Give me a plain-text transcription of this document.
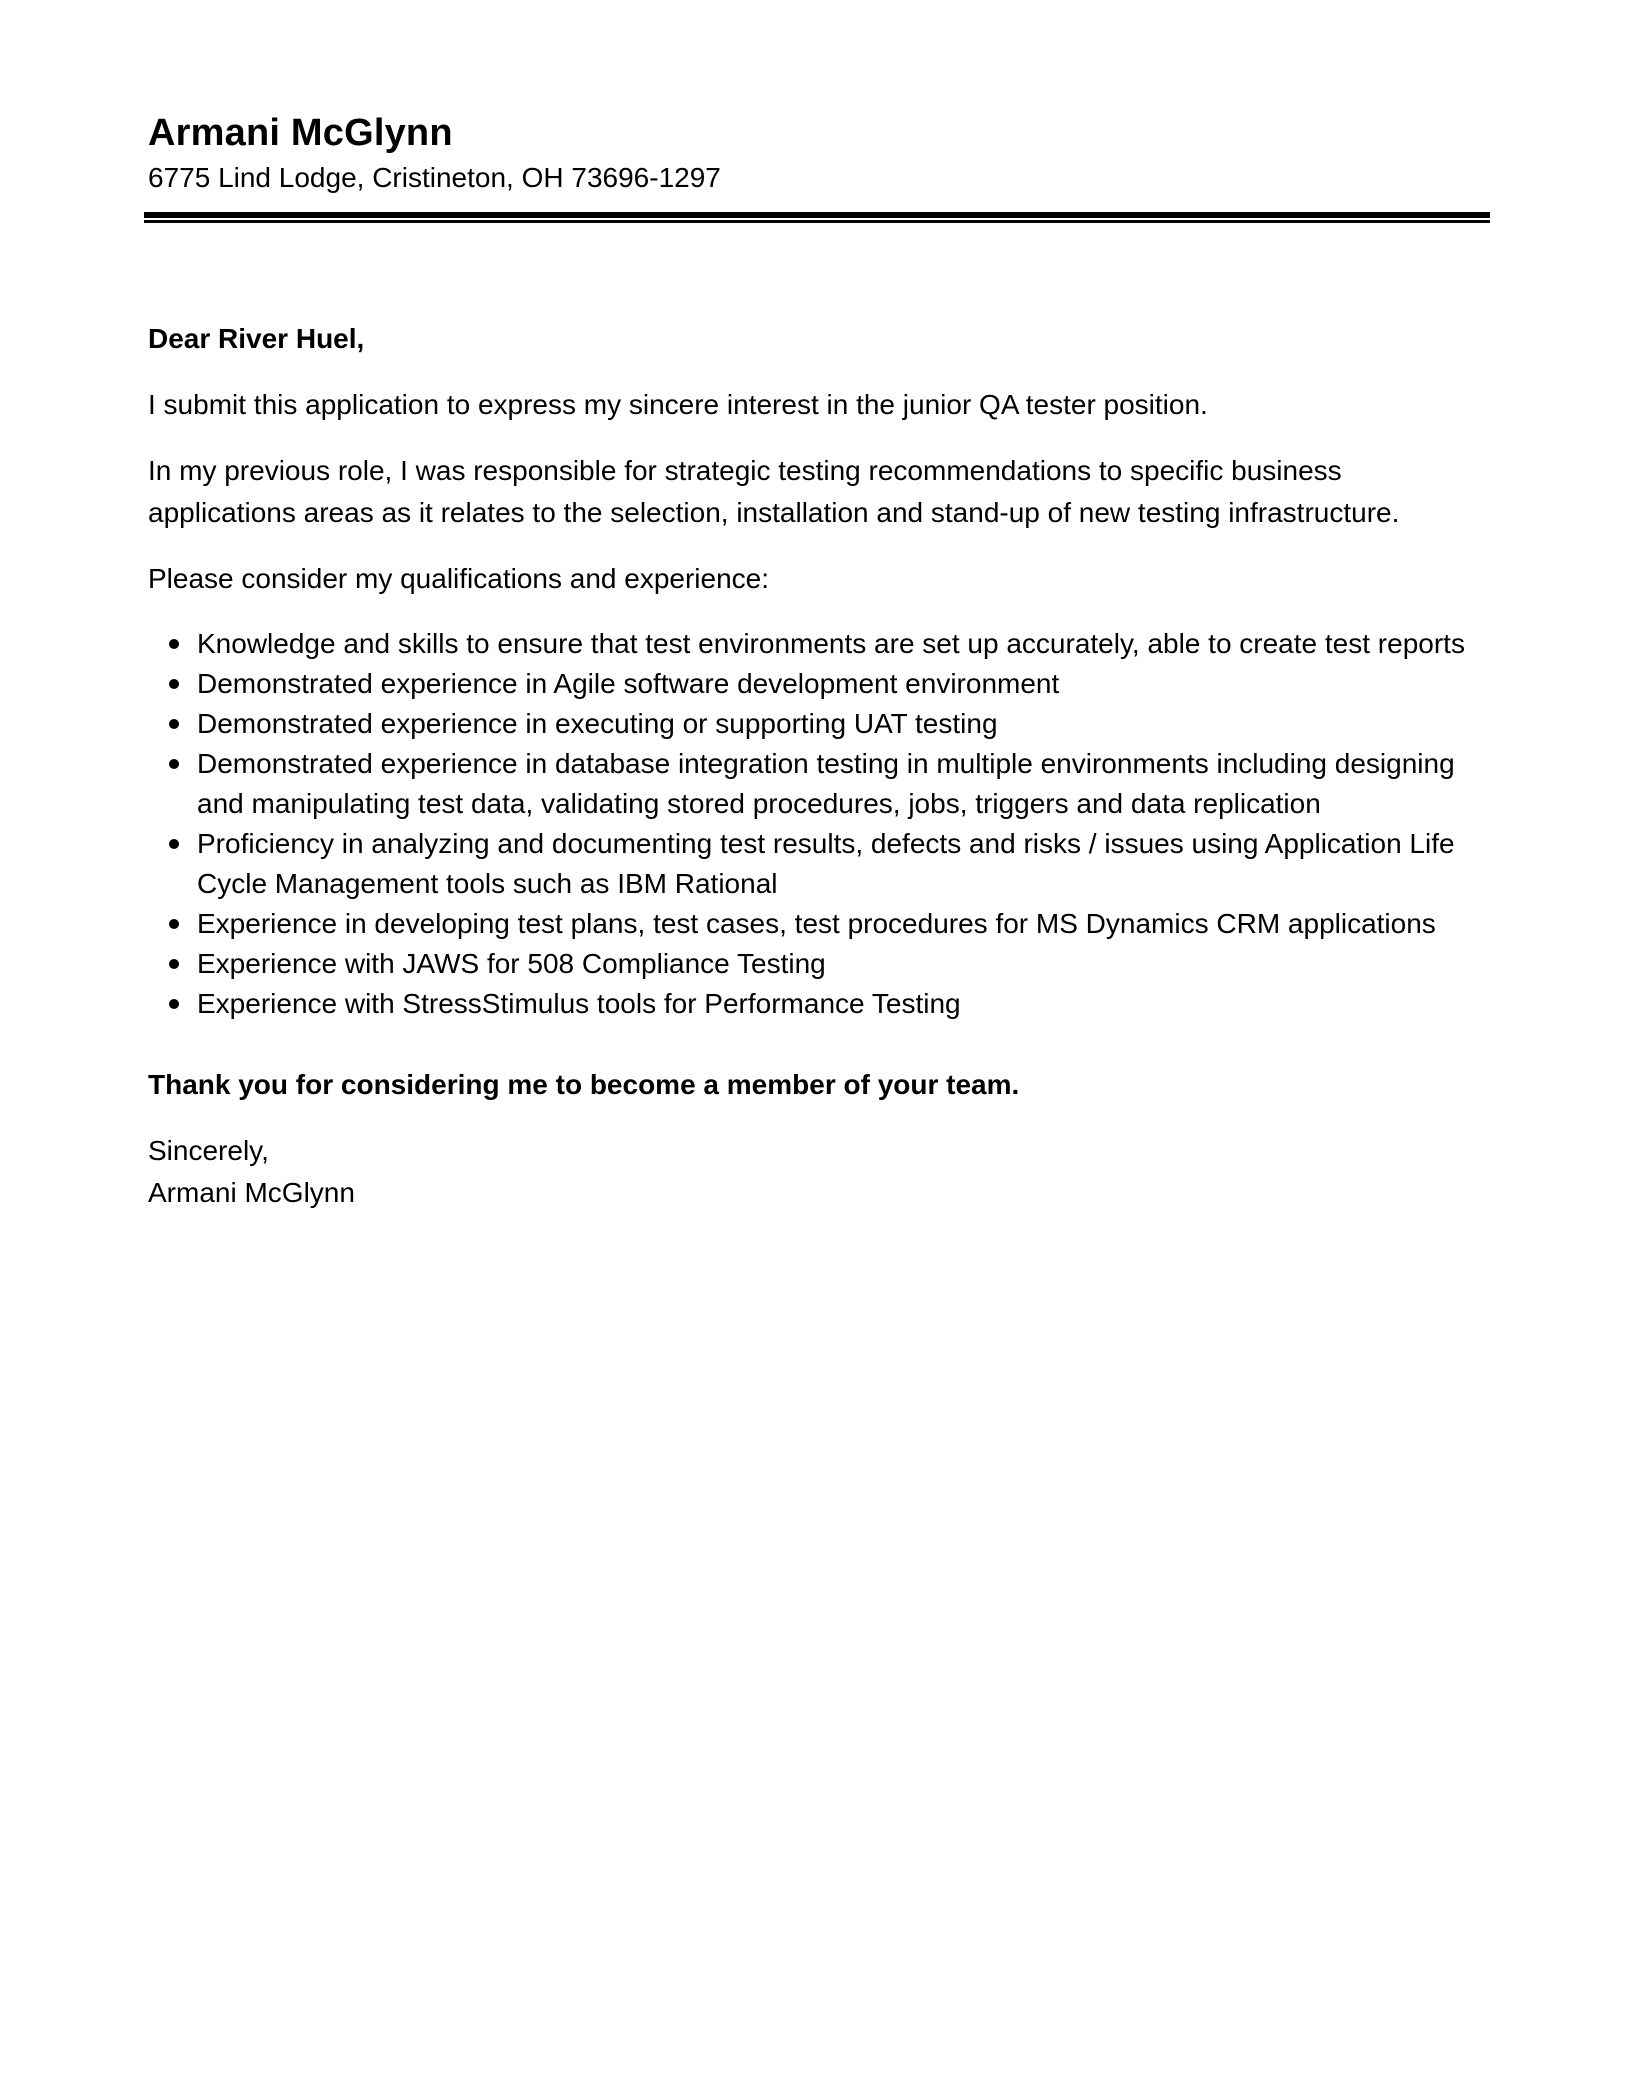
Armani McGlynn
6775 Lind Lodge, Cristineton, OH 73696-1297

Dear River Huel,

I submit this application to express my sincere interest in the junior QA tester position.

In my previous role, I was responsible for strategic testing recommendations to specific business applications areas as it relates to the selection, installation and stand-up of new testing infrastructure.

Please consider my qualifications and experience:

Knowledge and skills to ensure that test environments are set up accurately, able to create test reports
Demonstrated experience in Agile software development environment
Demonstrated experience in executing or supporting UAT testing
Demonstrated experience in database integration testing in multiple environments including designing and manipulating test data, validating stored procedures, jobs, triggers and data replication
Proficiency in analyzing and documenting test results, defects and risks / issues using Application Life Cycle Management tools such as IBM Rational
Experience in developing test plans, test cases, test procedures for MS Dynamics CRM applications
Experience with JAWS for 508 Compliance Testing
Experience with StressStimulus tools for Performance Testing

Thank you for considering me to become a member of your team.

Sincerely,
Armani McGlynn
